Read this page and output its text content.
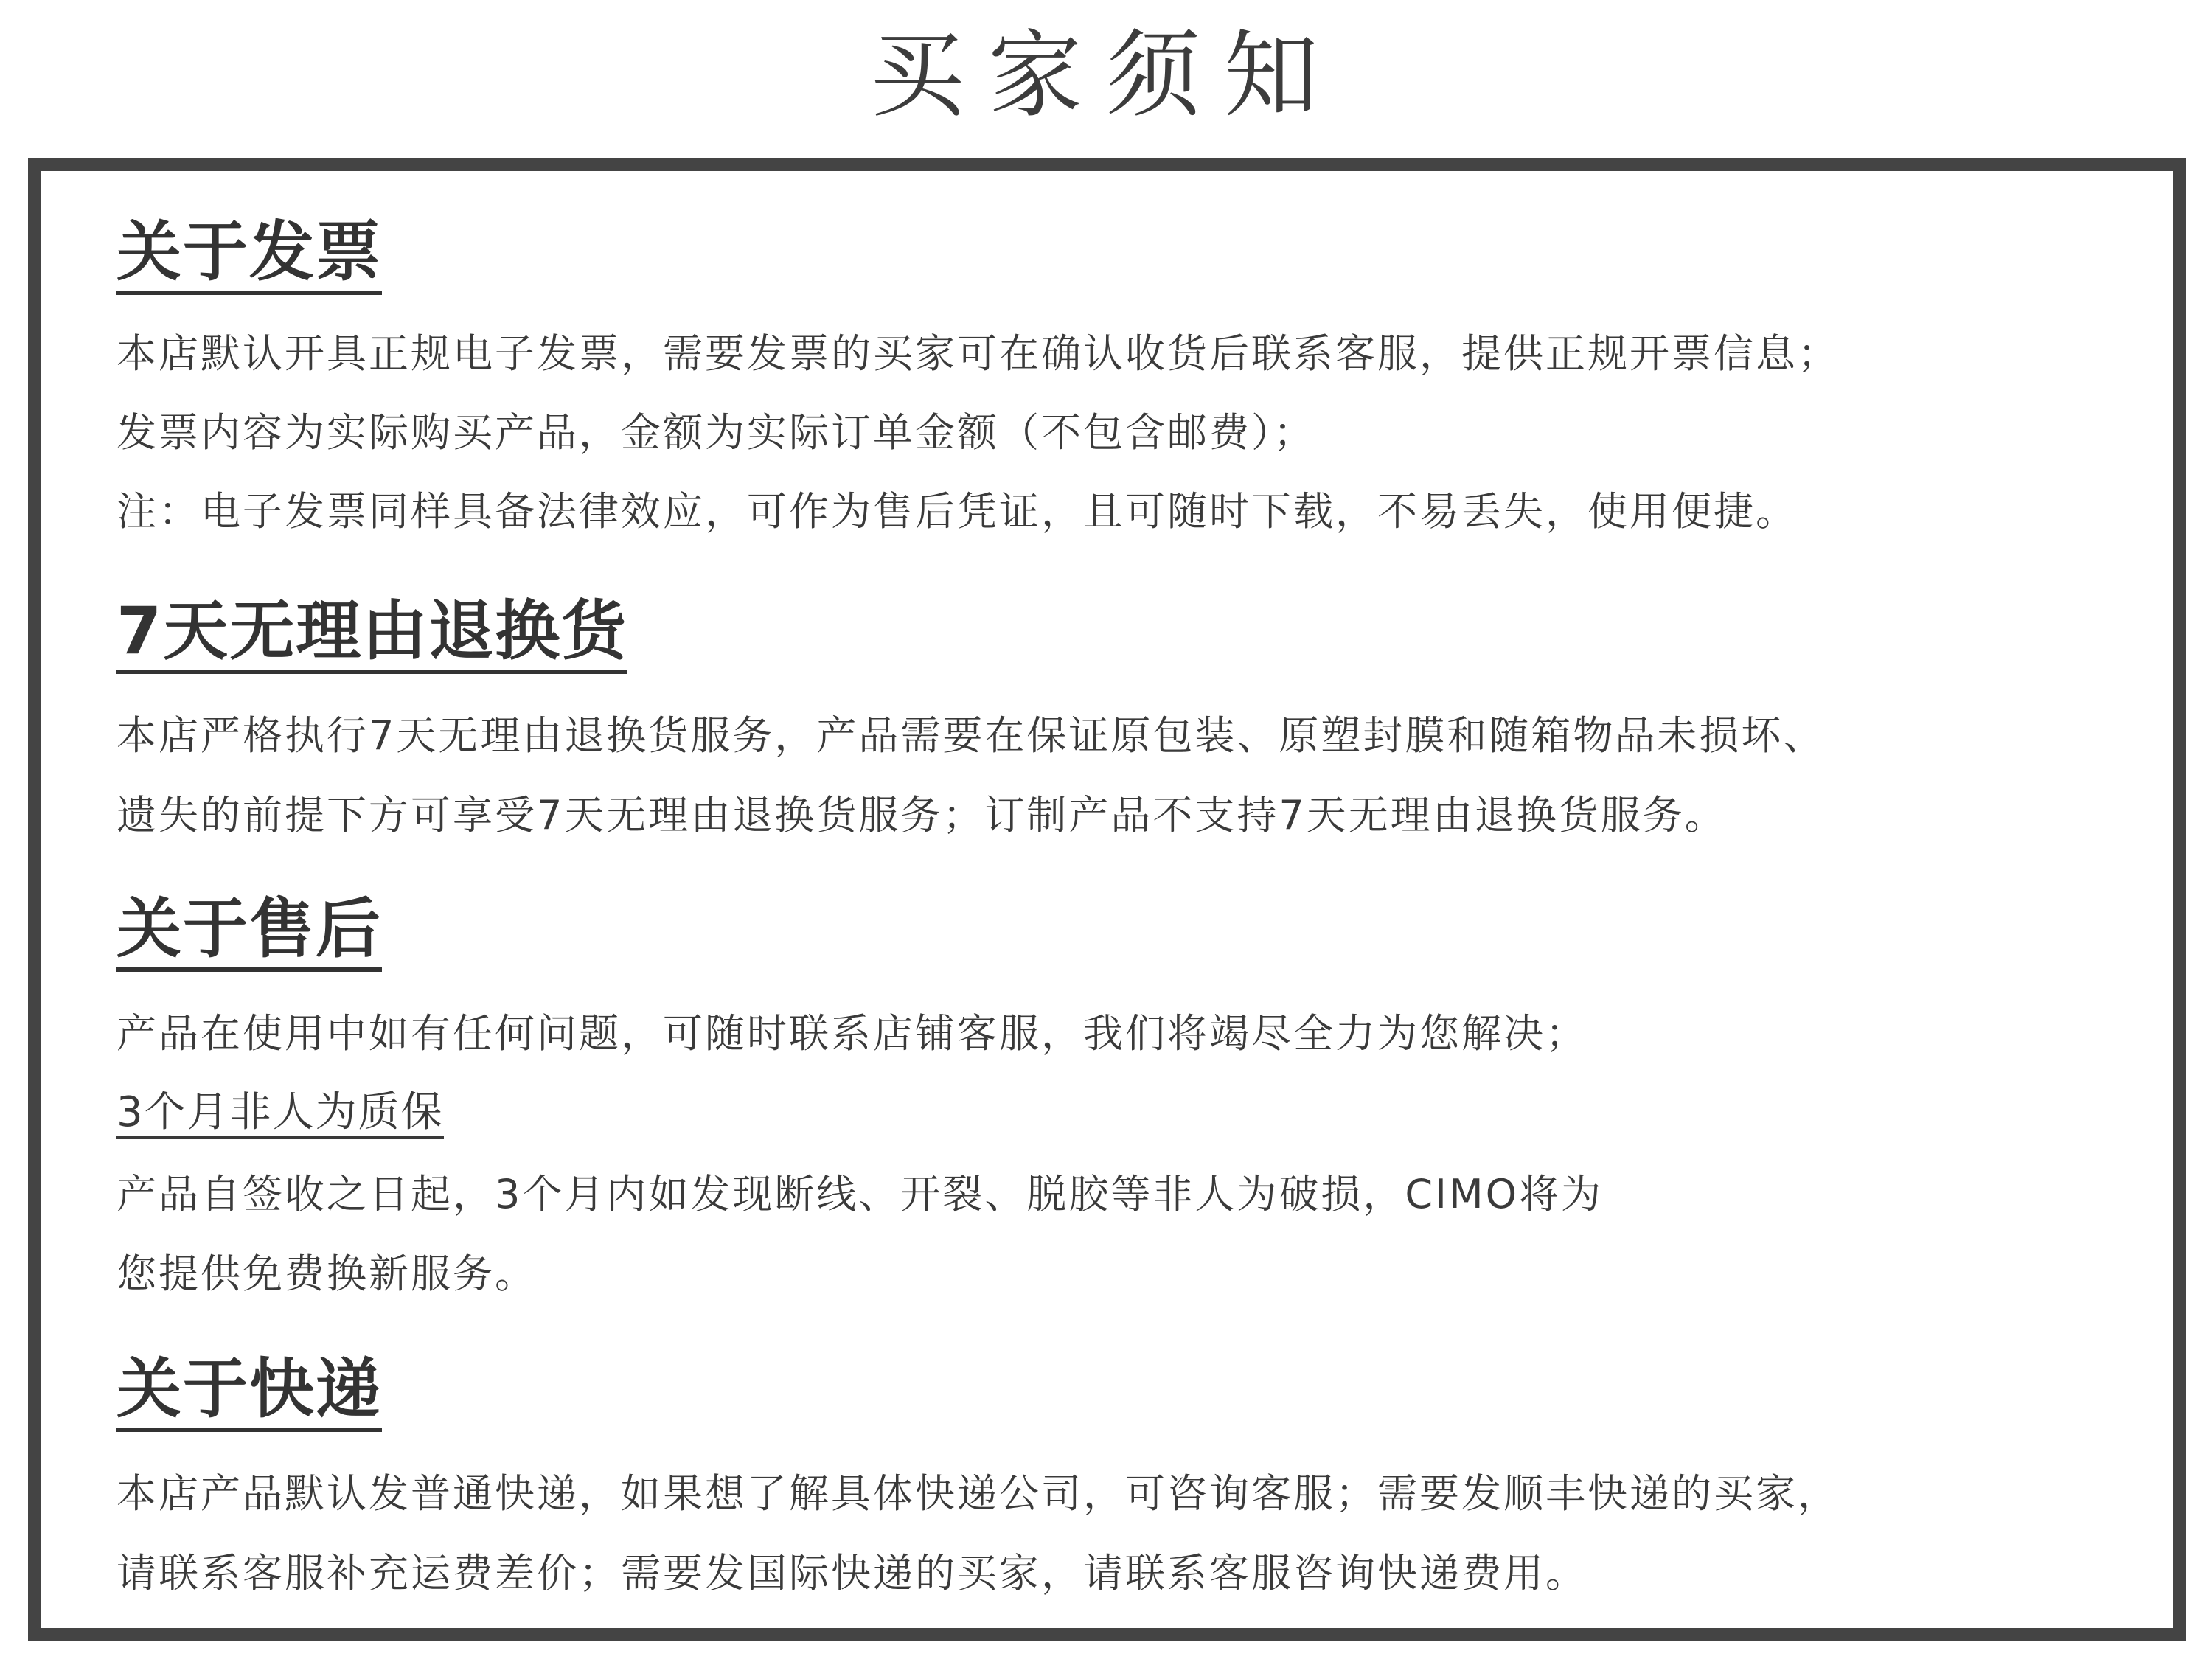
买家须知
关于发票

本店默认开具正规电子发票，需要发票的买家可在确认收货后联系客服，提供正规开票信息；

发票内容为实际购买产品，金额为实际订单金额（不包含邮费）；

注：电子发票同样具备法律效应，可作为售后凭证，且可随时下载，不易丢失，使用便捷。

7天无理由退换货

本店严格执行7天无理由退换货服务，产品需要在保证原包装、原塑封膜和随箱物品未损坏、

遗失的前提下方可享受7天无理由退换货服务；订制产品不支持7天无理由退换货服务。

关于售后

产品在使用中如有任何问题，可随时联系店铺客服，我们将竭尽全力为您解决；

3个月非人为质保

产品自签收之日起，3个月内如发现断线、开裂、脱胶等非人为破损，CIMO将为

您提供免费换新服务。

关于快递

本店产品默认发普通快递，如果想了解具体快递公司，可咨询客服；需要发顺丰快递的买家，

请联系客服补充运费差价；需要发国际快递的买家，请联系客服咨询快递费用。
